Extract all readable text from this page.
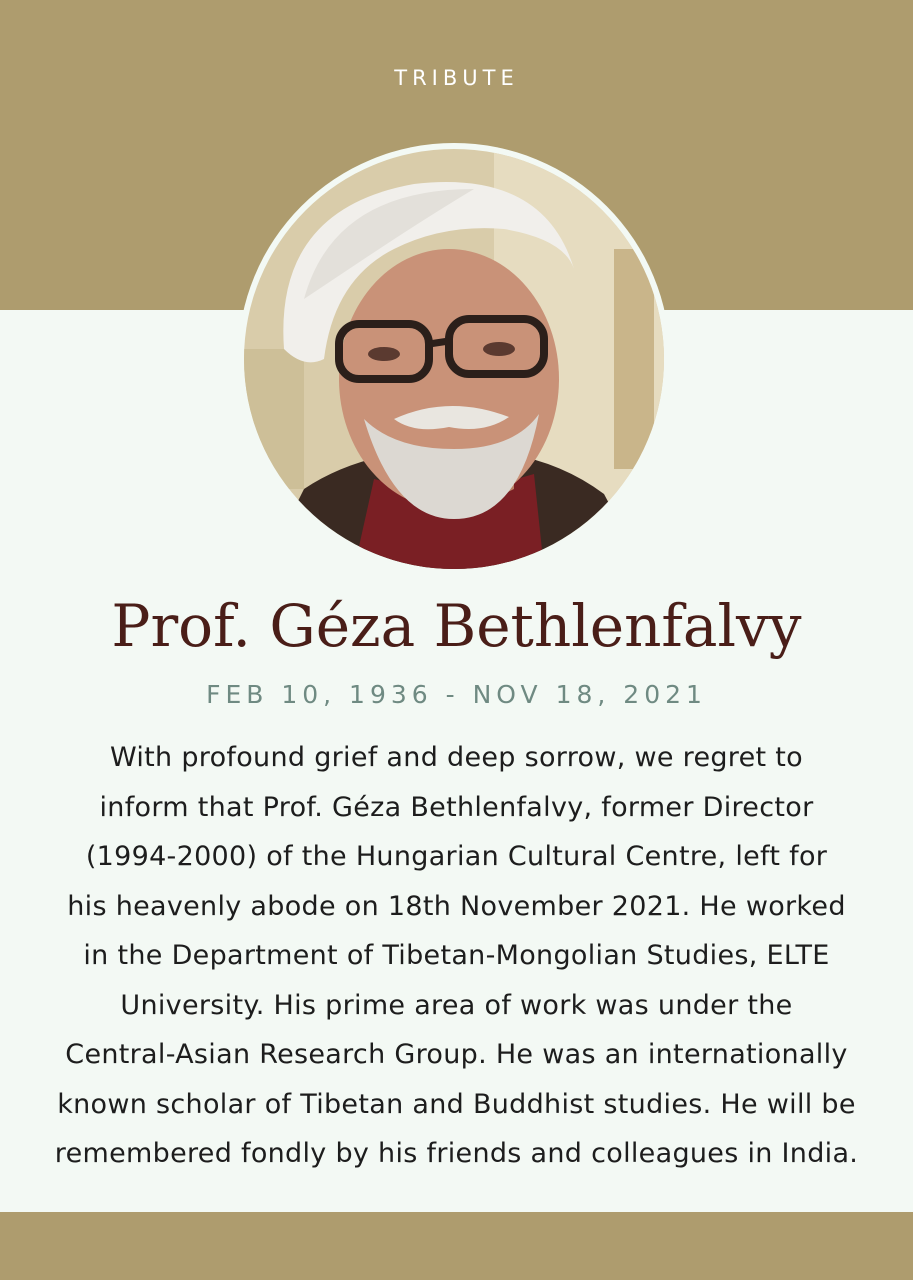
TRIBUTE
Prof. Géza Bethlenfalvy
FEB 10, 1936 - NOV 18, 2021
With profound grief and deep sorrow, we regret to
inform that Prof. Géza Bethlenfalvy, former Director
(1994-2000) of the Hungarian Cultural Centre, left for
his heavenly abode on 18th November 2021. He worked
in the Department of Tibetan-Mongolian Studies, ELTE
University. His prime area of work was under the
Central-Asian Research Group. He was an internationally
known scholar of Tibetan and Buddhist studies. He will be
remembered fondly by his friends and colleagues in India.
